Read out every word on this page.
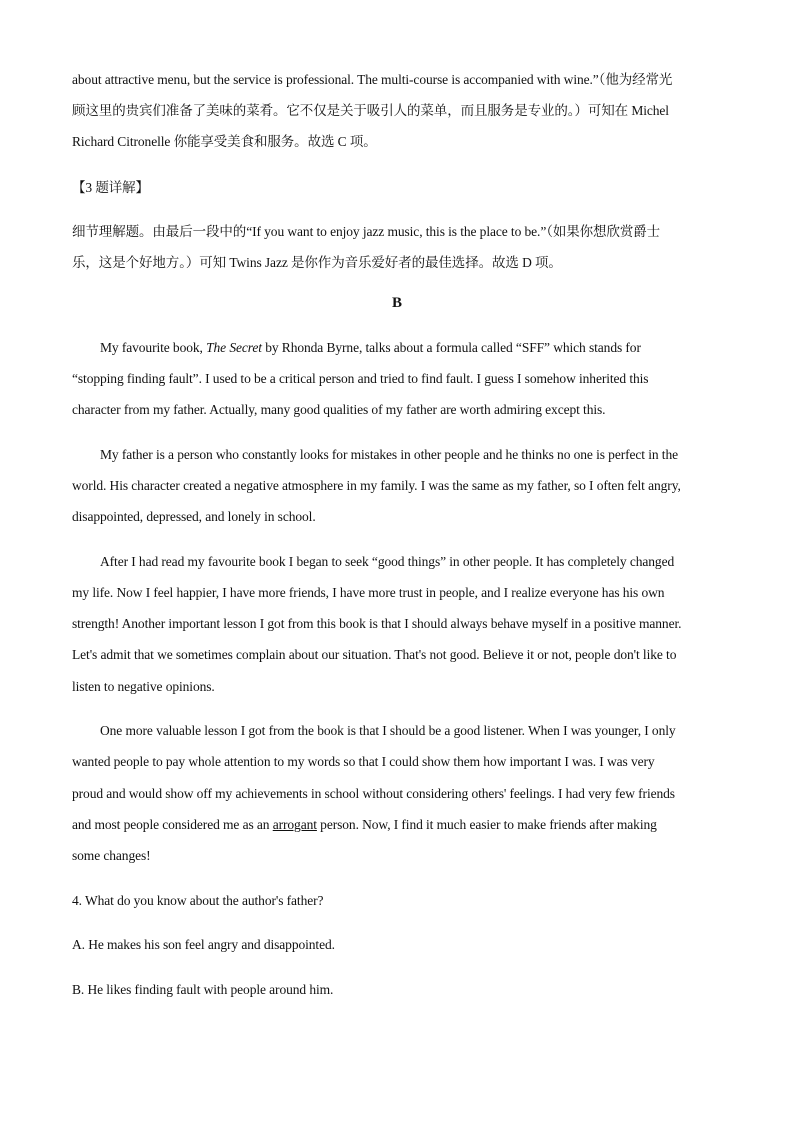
about attractive menu, but the service is professional. The multi-course is accompanied with wine.”（他为经常光
顾这里的贵宾们准备了美味的菜肴。它不仅是关于吸引人的菜单，而且服务是专业的。）可知在 Michel
Richard Citronelle 你能享受美食和服务。故选 C 项。
【3 题详解】
细节理解题。由最后一段中的“If you want to enjoy jazz music, this is the place to be.”（如果你想欣赏爵士
乐，这是个好地方。）可知 Twins Jazz 是你作为音乐爱好者的最佳选择。故选 D 项。
B
My favourite book, The Secret by Rhonda Byrne, talks about a formula called “SFF” which stands for
“stopping finding fault”. I used to be a critical person and tried to find fault. I guess I somehow inherited this
character from my father. Actually, many good qualities of my father are worth admiring except this.
My father is a person who constantly looks for mistakes in other people and he thinks no one is perfect in the
world. His character created a negative atmosphere in my family. I was the same as my father, so I often felt angry,
disappointed, depressed, and lonely in school.
After I had read my favourite book I began to seek “good things” in other people. It has completely changed
my life. Now I feel happier, I have more friends, I have more trust in people, and I realize everyone has his own
strength! Another important lesson I got from this book is that I should always behave myself in a positive manner.
Let's admit that we sometimes complain about our situation. That's not good. Believe it or not, people don't like to
listen to negative opinions.
One more valuable lesson I got from the book is that I should be a good listener. When I was younger, I only
wanted people to pay whole attention to my words so that I could show them how important I was. I was very
proud and would show off my achievements in school without considering others' feelings. I had very few friends
and most people considered me as an arrogant person. Now, I find it much easier to make friends after making
some changes!
4. What do you know about the author's father?
A. He makes his son feel angry and disappointed.
B. He likes finding fault with people around him.
